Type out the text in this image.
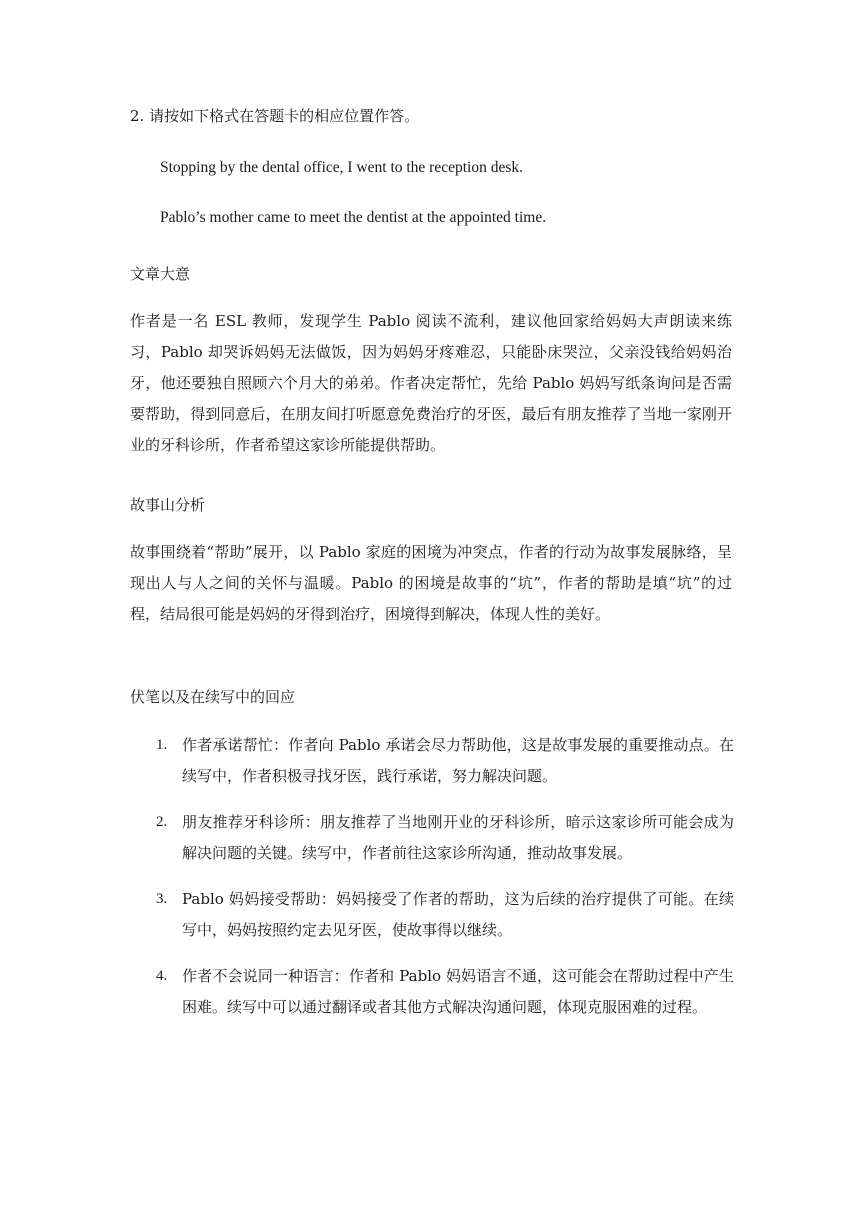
2. 请按如下格式在答题卡的相应位置作答。
Stopping by the dental office, I went to the reception desk.
Pablo’s mother came to meet the dentist at the appointed time.
文章大意
作者是一名 ESL 教师，发现学生 Pablo 阅读不流利，建议他回家给妈妈大声朗读来练习，Pablo 却哭诉妈妈无法做饭，因为妈妈牙疼难忍，只能卧床哭泣，父亲没钱给妈妈治牙，他还要独自照顾六个月大的弟弟。作者决定帮忙，先给 Pablo 妈妈写纸条询问是否需要帮助，得到同意后，在朋友间打听愿意免费治疗的牙医，最后有朋友推荐了当地一家刚开业的牙科诊所，作者希望这家诊所能提供帮助。
故事山分析
故事围绕着“帮助”展开，以 Pablo 家庭的困境为冲突点，作者的行动为故事发展脉络，呈现出人与人之间的关怀与温暖。Pablo 的困境是故事的“坑”，作者的帮助是填“坑”的过程，结局很可能是妈妈的牙得到治疗，困境得到解决，体现人性的美好。
伏笔以及在续写中的回应
1. 作者承诺帮忙：作者向 Pablo 承诺会尽力帮助他，这是故事发展的重要推动点。在续写中，作者积极寻找牙医，践行承诺，努力解决问题。
2. 朋友推荐牙科诊所：朋友推荐了当地刚开业的牙科诊所，暗示这家诊所可能会成为解决问题的关键。续写中，作者前往这家诊所沟通，推动故事发展。
3. Pablo 妈妈接受帮助：妈妈接受了作者的帮助，这为后续的治疗提供了可能。在续写中，妈妈按照约定去见牙医，使故事得以继续。
4. 作者不会说同一种语言：作者和 Pablo 妈妈语言不通，这可能会在帮助过程中产生困难。续写中可以通过翻译或者其他方式解决沟通问题，体现克服困难的过程。
